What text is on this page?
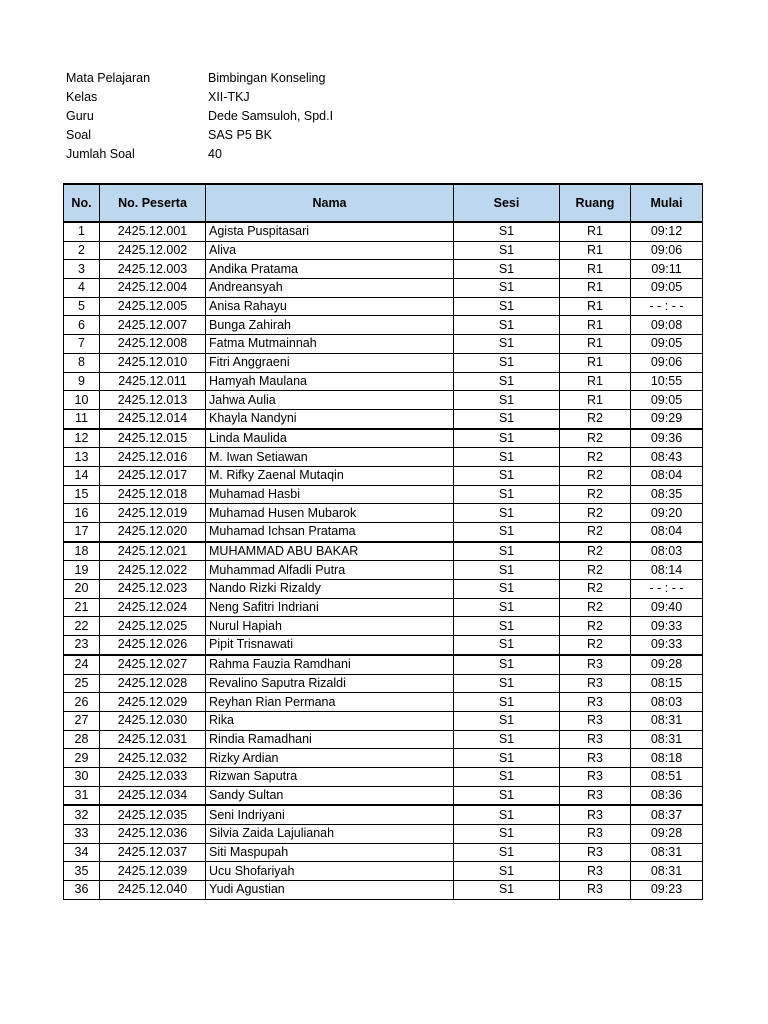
Mata Pelajaran	Bimbingan Konseling
Kelas	XII-TKJ
Guru	Dede Samsuloh, Spd.I
Soal	SAS P5 BK
Jumlah Soal	40
No.	No. Peserta	Nama	Sesi	Ruang	Mulai
1	2425.12.001	Agista Puspitasari	S1	R1	09:12
2	2425.12.002	Aliva	S1	R1	09:06
3	2425.12.003	Andika Pratama	S1	R1	09:11
4	2425.12.004	Andreansyah	S1	R1	09:05
5	2425.12.005	Anisa Rahayu	S1	R1	- - : - -
6	2425.12.007	Bunga Zahirah	S1	R1	09:08
7	2425.12.008	Fatma Mutmainnah	S1	R1	09:05
8	2425.12.010	Fitri Anggraeni	S1	R1	09:06
9	2425.12.011	Hamyah Maulana	S1	R1	10:55
10	2425.12.013	Jahwa Aulia	S1	R1	09:05
11	2425.12.014	Khayla Nandyni	S1	R2	09:29
12	2425.12.015	Linda Maulida	S1	R2	09:36
13	2425.12.016	M. Iwan Setiawan	S1	R2	08:43
14	2425.12.017	M. Rifky Zaenal Mutaqin	S1	R2	08:04
15	2425.12.018	Muhamad Hasbi	S1	R2	08:35
16	2425.12.019	Muhamad Husen Mubarok	S1	R2	09:20
17	2425.12.020	Muhamad Ichsan Pratama	S1	R2	08:04
18	2425.12.021	MUHAMMAD ABU BAKAR	S1	R2	08:03
19	2425.12.022	Muhammad Alfadli Putra	S1	R2	08:14
20	2425.12.023	Nando Rizki Rizaldy	S1	R2	- - : - -
21	2425.12.024	Neng Safitri Indriani	S1	R2	09:40
22	2425.12.025	Nurul Hapiah	S1	R2	09:33
23	2425.12.026	Pipit Trisnawati	S1	R2	09:33
24	2425.12.027	Rahma Fauzia Ramdhani	S1	R3	09:28
25	2425.12.028	Revalino Saputra Rizaldi	S1	R3	08:15
26	2425.12.029	Reyhan Rian Permana	S1	R3	08:03
27	2425.12.030	Rika	S1	R3	08:31
28	2425.12.031	Rindia Ramadhani	S1	R3	08:31
29	2425.12.032	Rizky Ardian	S1	R3	08:18
30	2425.12.033	Rizwan Saputra	S1	R3	08:51
31	2425.12.034	Sandy Sultan	S1	R3	08:36
32	2425.12.035	Seni Indriyani	S1	R3	08:37
33	2425.12.036	Silvia Zaida Lajulianah	S1	R3	09:28
34	2425.12.037	Siti Maspupah	S1	R3	08:31
35	2425.12.039	Ucu Shofariyah	S1	R3	08:31
36	2425.12.040	Yudi Agustian	S1	R3	09:23
